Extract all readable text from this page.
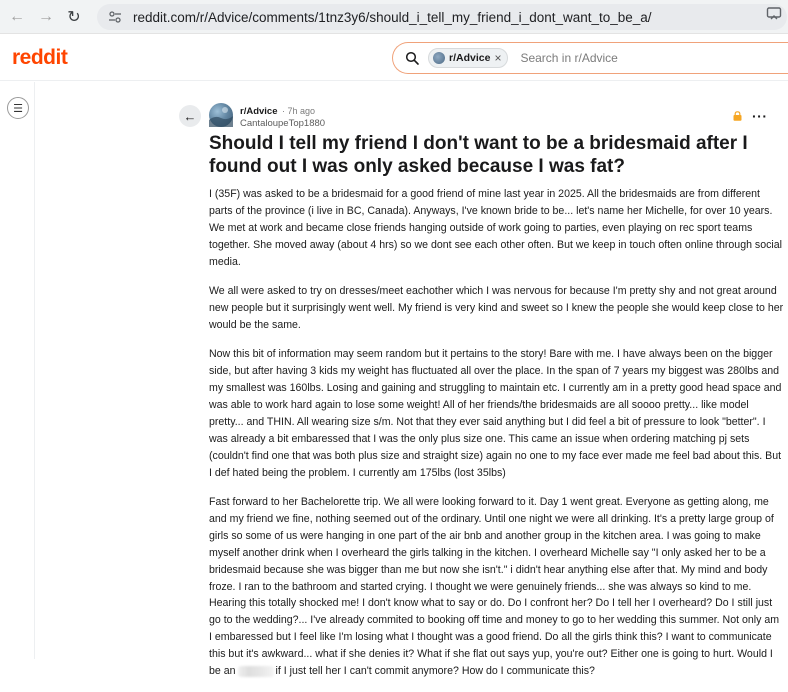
← → ↻	reddit.com/r/Advice/comments/1tnz3y6/should_i_tell_my_friend_i_dont_want_to_be_a/
reddit	r/Advice × Search in r/Advice
☰	←	r/Advice · 7h ago
CantaloupeTop1880	···
Should I tell my friend I don't want to be a bridesmaid after I found out I was only asked because I was fat?

I (35F) was asked to be a bridesmaid for a good friend of mine last year in 2025. All the bridesmaids are from different parts of the province (i live in BC, Canada). Anyways, I've known bride to be... let's name her Michelle, for over 10 years. We met at work and became close friends hanging outside of work going to parties, even playing on rec sport teams together. She moved away (about 4 hrs) so we dont see each other often. But we keep in touch often online through social media.

We all were asked to try on dresses/meet eachother which I was nervous for because I'm pretty shy and not great around new people but it surprisingly went well. My friend is very kind and sweet so I knew the people she would keep close to her would be the same.

Now this bit of information may seem random but it pertains to the story! Bare with me. I have always been on the bigger side, but after having 3 kids my weight has fluctuated all over the place. In the span of 7 years my biggest was 280lbs and my smallest was 160lbs. Losing and gaining and struggling to maintain etc. I currently am in a pretty good head space and was able to work hard again to lose some weight! All of her friends/the bridesmaids are all soooo pretty... like model pretty... and THIN. All wearing size s/m. Not that they ever said anything but I did feel a bit of pressure to look "better". I was already a bit embaressed that I was the only plus size one. This came an issue when ordering matching pj sets (couldn't find one that was both plus size and straight size) again no one to my face ever made me feel bad about this. But I def hated being the problem. I currently am 175lbs (lost 35lbs)

Fast forward to her Bachelorette trip. We all were looking forward to it. Day 1 went great. Everyone as getting along, me and my friend we fine, nothing seemed out of the ordinary. Until one night we were all drinking. It's a pretty large group of girls so some of us were hanging in one part of the air bnb and another group in the kitchen area. I was going to make myself another drink when I overheard the girls talking in the kitchen. I overheard Michelle say "I only asked her to be a bridesmaid because she was bigger than me but now she isn't." i didn't hear anything else after that. My mind and body froze. I ran to the bathroom and started crying. I thought we were genuinely friends... she was always so kind to me. Hearing this totally shocked me! I don't know what to say or do. Do I confront her? Do I tell her I overheard? Do I still just go to the wedding?... I've already commited to booking off time and money to go to her wedding this summer. Not only am I embaressed but I feel like I'm losing what I thought was a good friend. Do all the girls think this? I want to communicate this but it's awkward... what if she denies it? What if she flat out says yup, you're out? Either one is going to hurt. Would I be an	if I just tell her I can't commit anymore? How do I communicate this?
